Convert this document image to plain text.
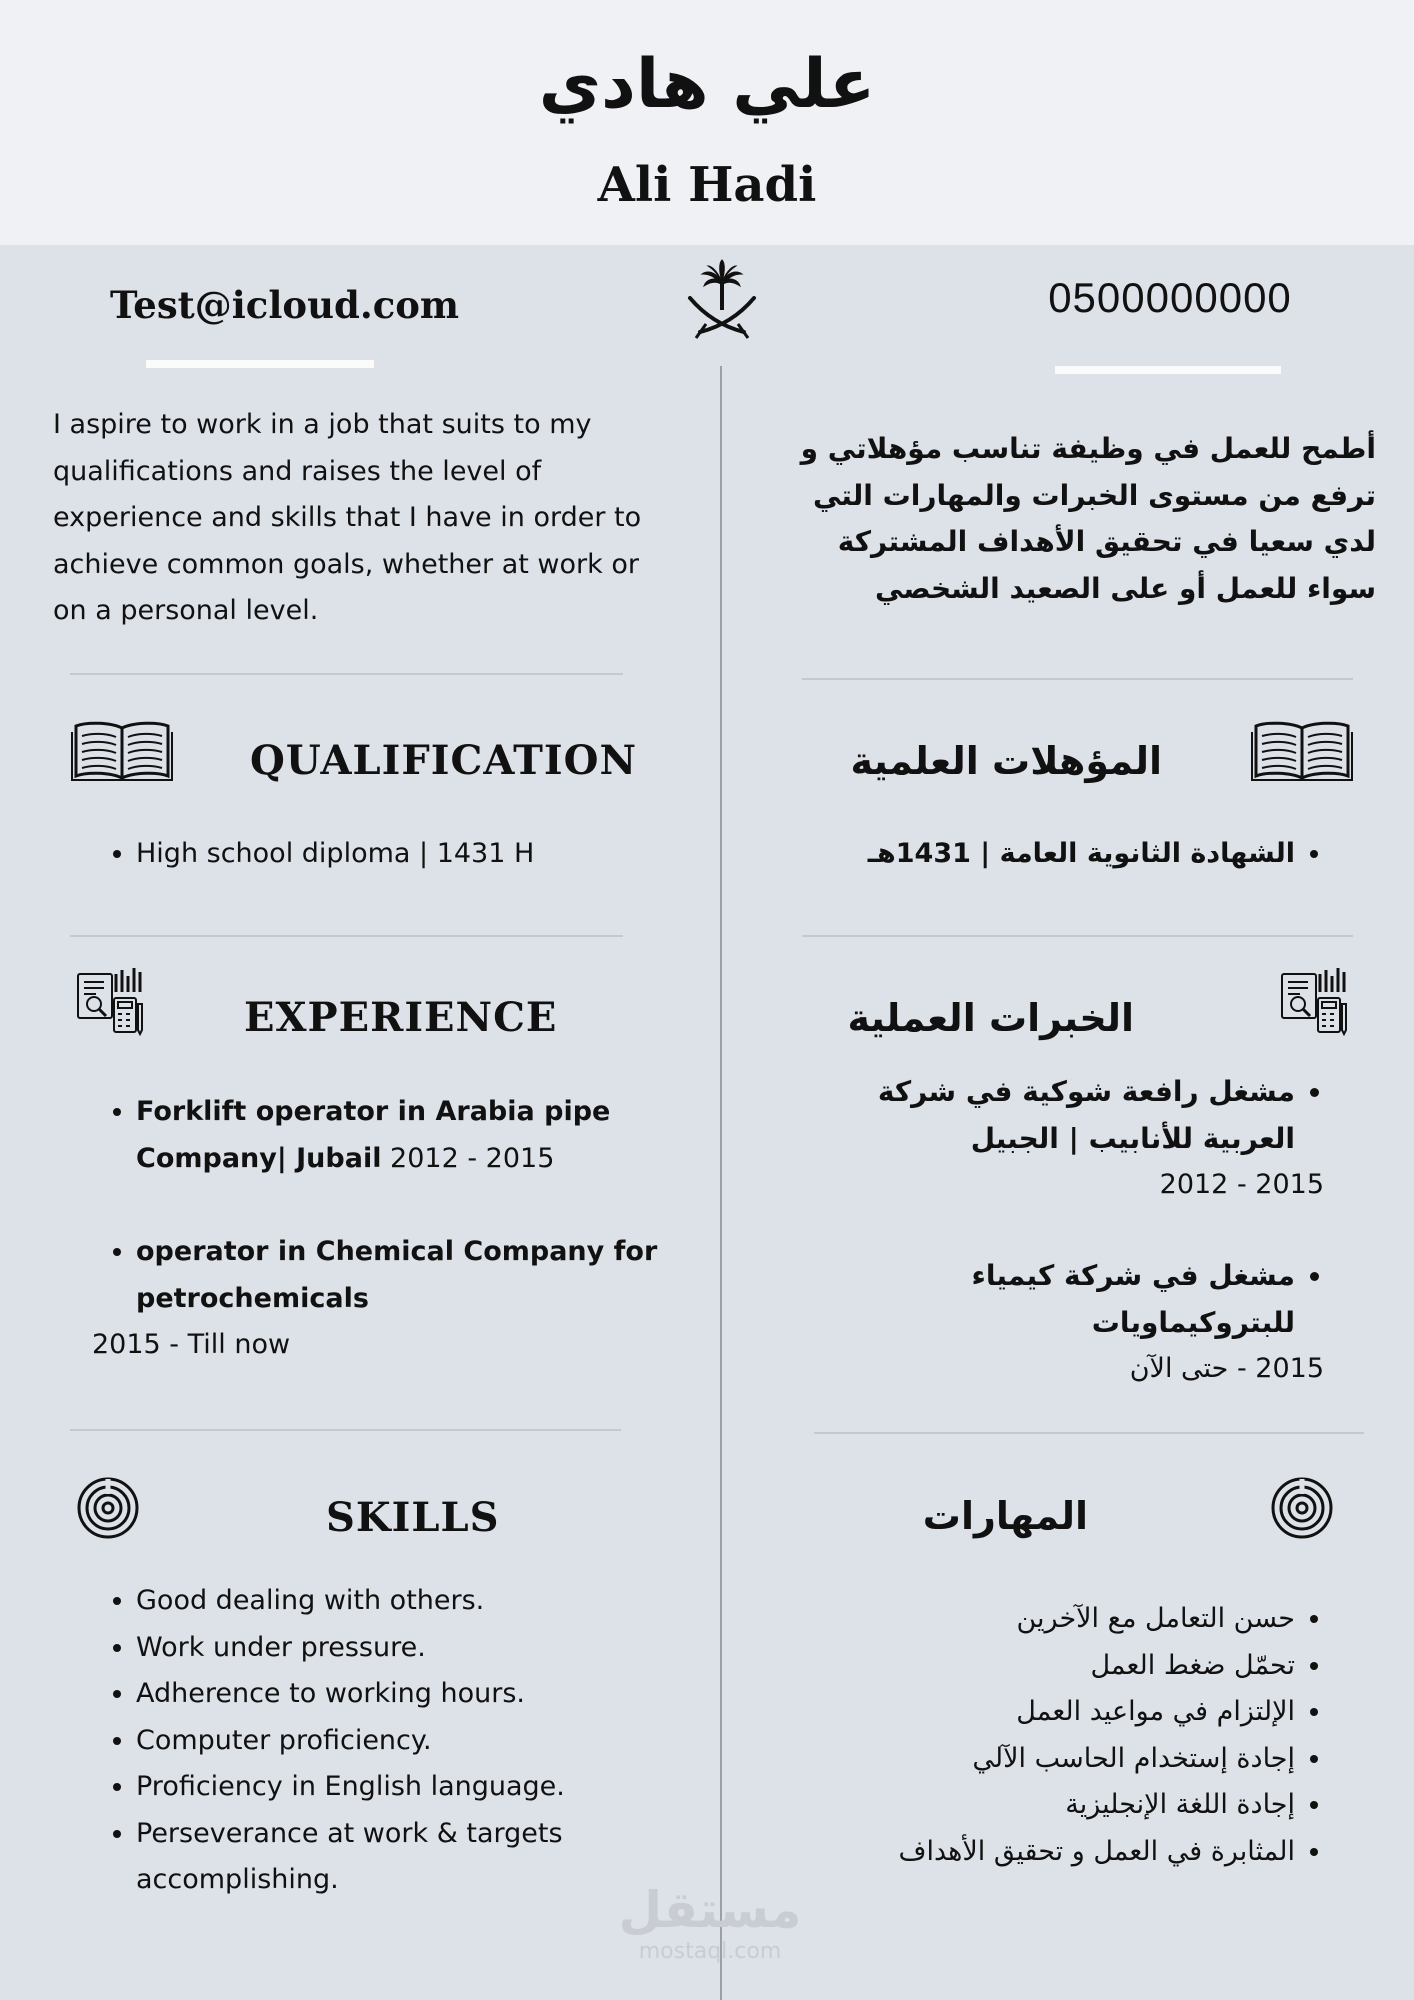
علي هادي
Ali Hadi
Test@icloud.com	0500000000
I aspire to work in a job that suits to my qualifications and raises the level of experience and skills that I have in order to achieve common goals, whether at work or on a personal level.
أطمح للعمل في وظيفة تناسب مؤهلاتي و ترفع من مستوى الخبرات والمهارات التي لدي سعيا في تحقيق الأهداف المشتركة سواء للعمل أو على الصعيد الشخصي
QUALIFICATION	المؤهلات العلمية
• High school diploma | 1431 H
•	الشهادة الثانوية العامة | 1431هـ
EXPERIENCE	الخبرات العملية
• Forklift operator in Arabia pipe Company| Jubail 2012 - 2015
• operator in Chemical Company for petrochemicals
2015 - Till now
• مشغل رافعة شوكية في شركة العربية للأنابيب | الجبيل
2015 - 2012
• مشغل في شركة كيمياء للبتروكيماويات
2015 - حتى الآن
SKILLS	المهارات
• Good dealing with others.
• Work under pressure.
• Adherence to working hours.
• Computer proficiency.
• Proficiency in English language.
• Perseverance at work & targets accomplishing.
• حسن التعامل مع الآخرين
• تحمّل ضغط العمل
• الإلتزام في مواعيد العمل
• إجادة إستخدام الحاسب الآلي
• إجادة اللغة الإنجليزية
• المثابرة في العمل و تحقيق الأهداف
مستقل
mostaql.com
